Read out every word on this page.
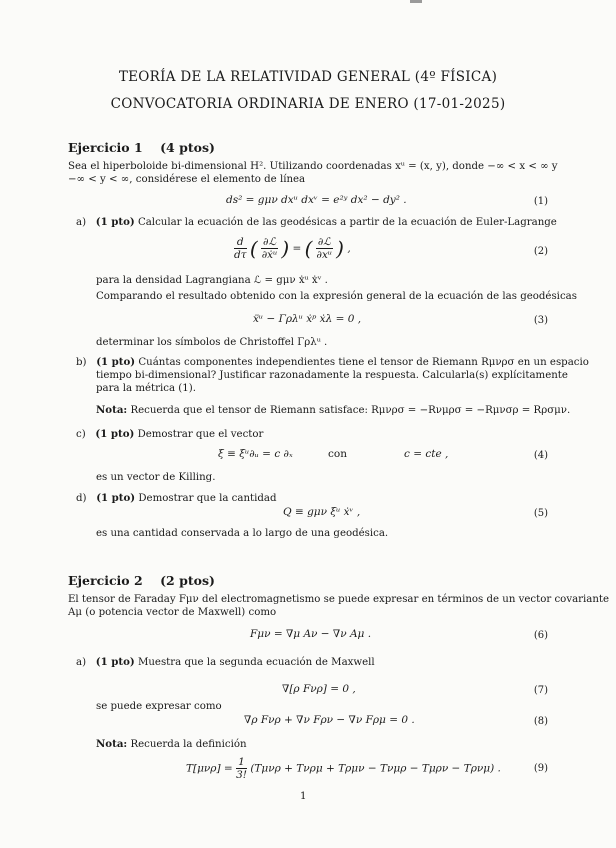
TEORÍA DE LA RELATIVIDAD GENERAL (4º FÍSICA)
CONVOCATORIA ORDINARIA DE ENERO (17-01-2025)
Ejercicio 1 (4 ptos)
Sea el hiperboloide bi-dimensional H². Utilizando coordenadas xᵘ = (x, y), donde −∞ < x < ∞ y
−∞ < y < ∞, considérese el elemento de línea
ds² = gμν dxᵘ dxᵛ = e²ʸ dx² − dy² .	(1)
a) (1 pto) Calcular la ecuación de las geodésicas a partir de la ecuación de Euler-Lagrange
$\frac{d}{d\tau}$ ( $\frac{\text{∂ℒ}}{\text{∂ẋᵘ}}$ ) = ( $\frac{\text{∂ℒ}}{\text{∂xᵘ}}$ ) ,	(2)
para la densidad Lagrangiana ℒ = gμν ẋᵘ ẋᵛ .
Comparando el resultado obtenido con la expresión general de la ecuación de las geodésicas
ẍᵘ − Γρλᵘ ẋᵖ ẋλ = 0 ,	(3)
determinar los símbolos de Christoffel Γρλᵘ .
b) (1 pto) Cuántas componentes independientes tiene el tensor de Riemann Rμνρσ en un espacio
tiempo bi-dimensional? Justificar razonadamente la respuesta. Calcularla(s) explícitamente
para la métrica (1).
Nota: Recuerda que el tensor de Riemann satisface: Rμνρσ = −Rνμρσ = −Rμνσρ = Rρσμν.
c) (1 pto) Demostrar que el vector
ξ ≡ ξᵘ∂ᵤ = c ∂ₓ	con	c = cte ,	(4)
es un vector de Killing.
d) (1 pto) Demostrar que la cantidad
Q ≡ gμν ξᵘ ẋᵛ ,	(5)
es una cantidad conservada a lo largo de una geodésica.
Ejercicio 2 (2 ptos)
El tensor de Faraday Fμν del electromagnetismo se puede expresar en términos de un vector covariante
Aμ (o potencia vector de Maxwell) como
Fμν = ∇μ Aν − ∇ν Aμ .	(6)
a) (1 pto) Muestra que la segunda ecuación de Maxwell
∇[ρ Fνρ] = 0 ,	(7)
se puede expresar como
∇ρ Fνρ + ∇ν Fρν − ∇ν Fρμ = 0 .	(8)
Nota: Recuerda la definición
$T[\mu\nu\rho] = \frac{1}{3!} (T\mu\nu\rho + T\nu\rho\mu + T\rho\mu\nu - T\nu\mu\rho - T\mu\rho\nu - T\rho\nu\mu)$ .	(9)
1
